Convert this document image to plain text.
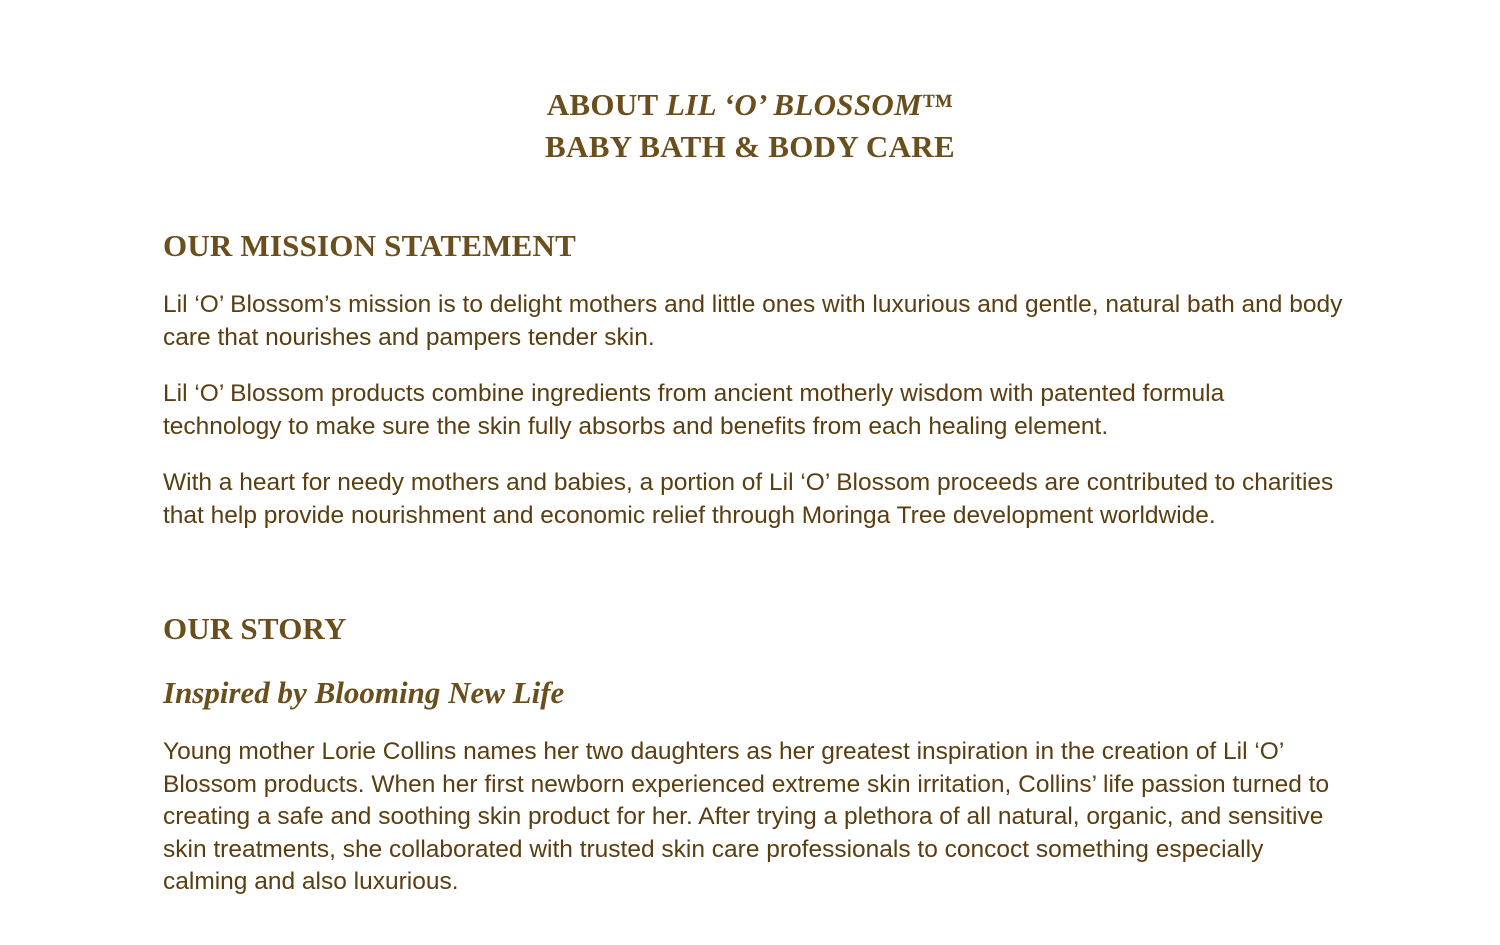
ABOUT LIL ‘O’ BLOSSOM™
BABY BATH & BODY CARE
OUR MISSION STATEMENT

Lil ‘O’ Blossom’s mission is to delight mothers and little ones with luxurious and gentle, natural bath and body care that nourishes and pampers tender skin.

Lil ‘O’ Blossom products combine ingredients from ancient motherly wisdom with patented formula technology to make sure the skin fully absorbs and benefits from each healing element.

With a heart for needy mothers and babies, a portion of Lil ‘O’ Blossom proceeds are contributed to charities that help provide nourishment and economic relief through Moringa Tree development worldwide.

OUR STORY
Inspired by Blooming New Life

Young mother Lorie Collins names her two daughters as her greatest inspiration in the creation of Lil ‘O’ Blossom products. When her first newborn experienced extreme skin irritation, Collins’ life passion turned to creating a safe and soothing skin product for her. After trying a plethora of all natural, organic, and sensitive skin treatments, she collaborated with trusted skin care professionals to concoct something especially calming and also luxurious.
